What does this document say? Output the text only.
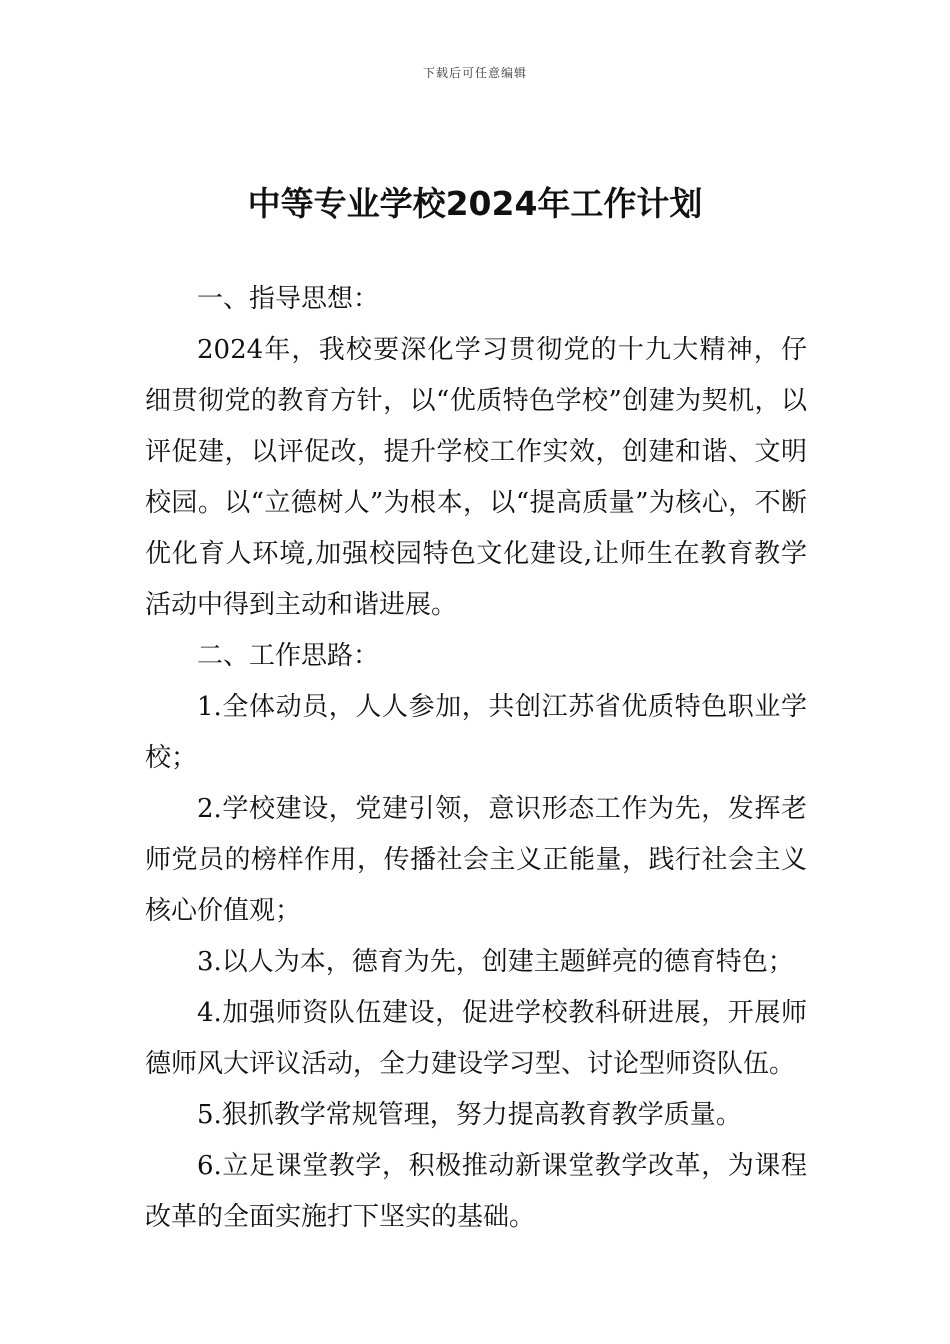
下载后可任意编辑
中等专业学校2024年工作计划

一、指导思想：

2024年，我校要深化学习贯彻党的十九大精神，仔细贯彻党的教育方针，以“优质特色学校”创建为契机，以评促建，以评促改，提升学校工作实效，创建和谐、文明校园。以“立德树人”为根本，以“提高质量”为核心，不断优化育人环境,加强校园特色文化建设,让师生在教育教学活动中得到主动和谐进展。

二、工作思路：

1.全体动员，人人参加，共创江苏省优质特色职业学校；

2.学校建设，党建引领，意识形态工作为先，发挥老师党员的榜样作用，传播社会主义正能量，践行社会主义核心价值观；

3.以人为本，德育为先，创建主题鲜亮的德育特色；

4.加强师资队伍建设，促进学校教科研进展，开展师德师风大评议活动，全力建设学习型、讨论型师资队伍。

5.狠抓教学常规管理，努力提高教育教学质量。

6.立足课堂教学，积极推动新课堂教学改革，为课程改革的全面实施打下坚实的基础。
